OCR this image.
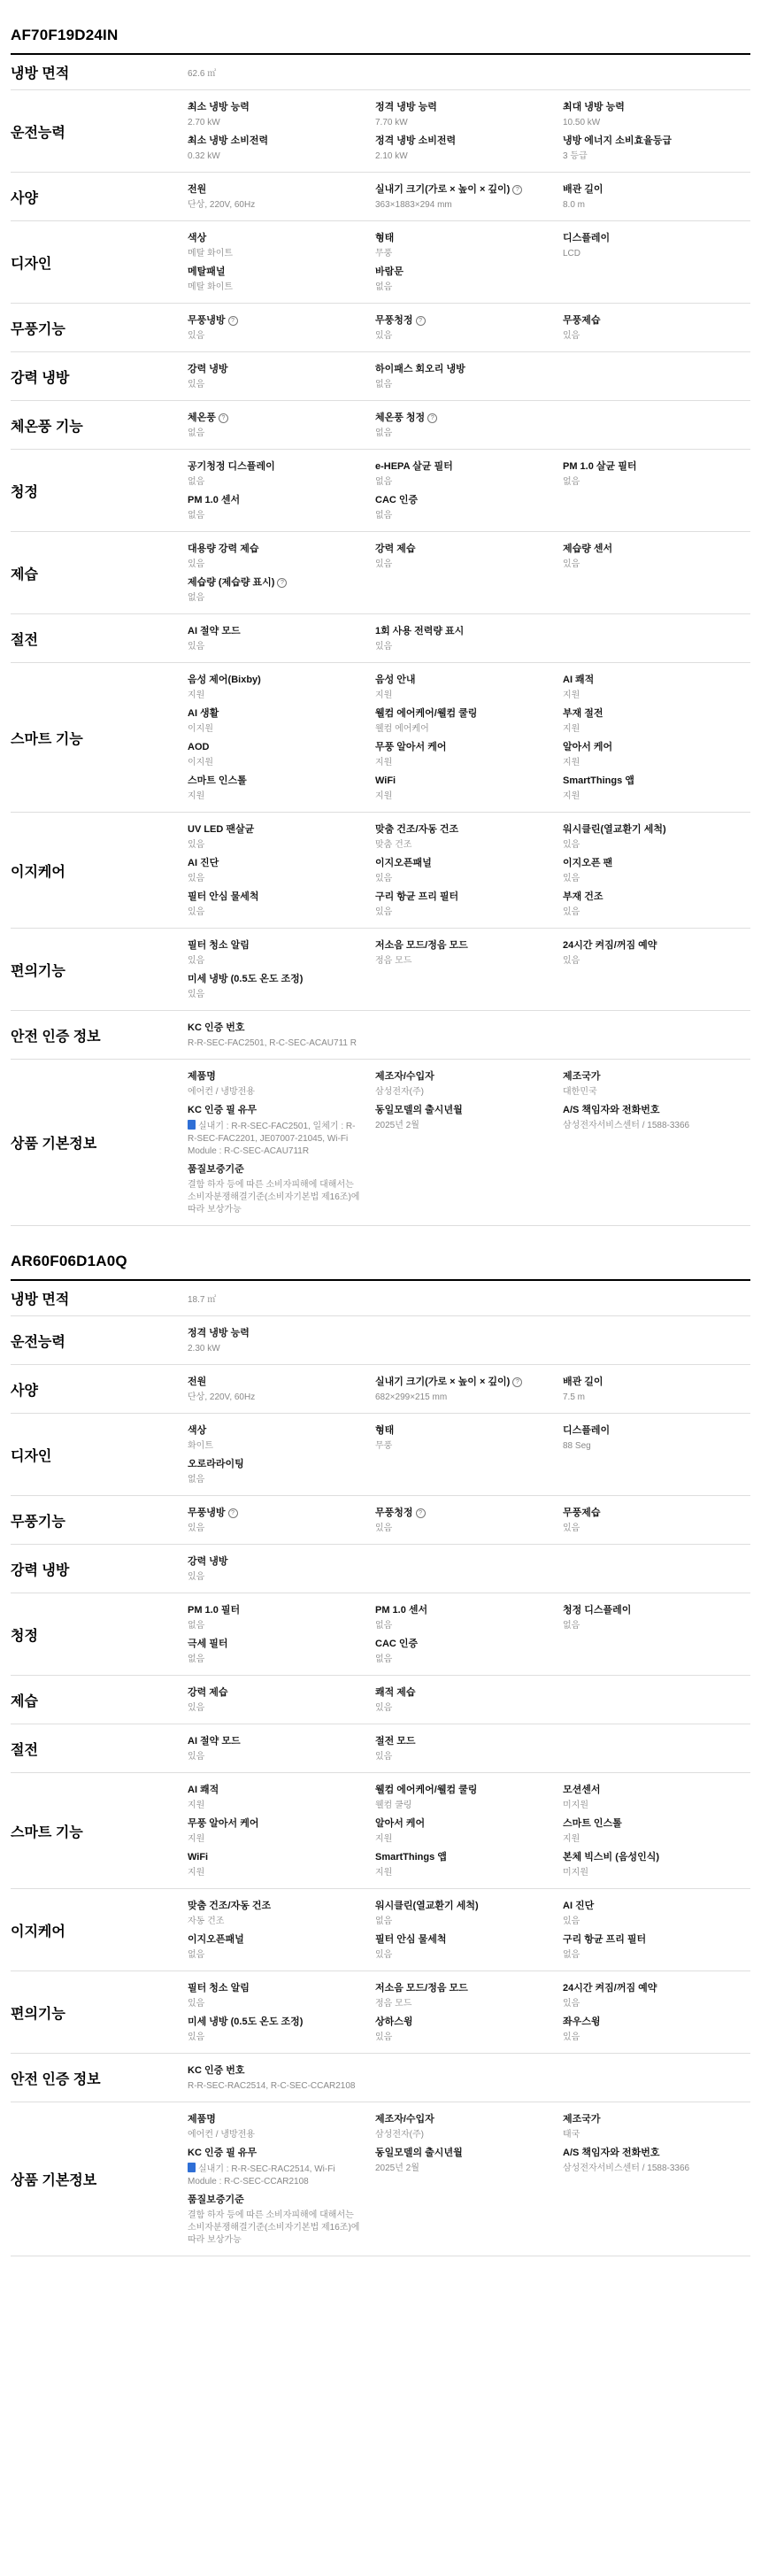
AF70F19D24IN
냉방 면적	62.6 ㎡
운전능력
최소 냉방 능력
2.70 kW
정격 냉방 능력
7.70 kW
최대 냉방 능력
10.50 kW
최소 냉방 소비전력
0.32 kW
정격 냉방 소비전력
2.10 kW
냉방 에너지 소비효율등급
3 등급
사양
전원
단상, 220V, 60Hz
실내기 크기(가로 × 높이 × 깊이) ?
363×1883×294 mm
배관 길이
8.0 m
디자인
색상
메탈 화이트
형태
무풍
디스플레이
LCD
메탈패널
메탈 화이트
바람문
없음
무풍기능
무풍냉방 ?
있음
무풍청정 ?
있음
무풍제습
있음
강력 냉방
강력 냉방
있음
하이패스 회오리 냉방
없음
체온풍 기능
체온풍 ?
없음
체온풍 청정 ?
없음
청정
공기청정 디스플레이
없음
e-HEPA 살균 필터
없음
PM 1.0 살균 필터
없음
PM 1.0 센서
없음
CAC 인증
없음
제습
대용량 강력 제습
있음
강력 제습
있음
제습량 센서
있음
제습량 (제습량 표시) ?
없음
절전
AI 절약 모드
있음
1회 사용 전력량 표시
있음
스마트 기능
음성 제어(Bixby)
지원
음성 안내
지원
AI 쾌적
지원
AI 생활
이지원
웰컴 에어케어/웰컴 쿨링
웰컴 에어케어
부재 절전
지원
AOD
이지원
무풍 알아서 케어
지원
알아서 케어
지원
스마트 인스톨
지원
WiFi
지원
SmartThings 앱
지원
이지케어
UV LED 팬살균
있음
맞춤 건조/자동 건조
맞춤 건조
워시클린(열교환기 세척)
있음
AI 진단
있음
이지오픈패널
있음
이지오픈 팬
있음
필터 안심 물세척
있음
구리 항균 프리 필터
있음
부재 건조
있음
편의기능
필터 청소 알림
있음
저소음 모드/정음 모드
정음 모드
24시간 켜짐/꺼짐 예약
있음
미세 냉방 (0.5도 온도 조정)
있음
안전 인증 정보
KC 인증 번호
R-R-SEC-FAC2501, R-C-SEC-ACAU711 R
상품 기본정보
제품명
에어컨 / 냉방전용
제조자/수입자
삼성전자(주)
제조국가
대한민국
KC 인증 필 유무
실내기 : R-R-SEC-FAC2501, 일체기 : R-R-SEC-FAC2201, JE07007-21045, Wi-Fi Module : R-C-SEC-ACAU711R
동일모델의 출시년월
2025년 2월
A/S 책임자와 전화번호
삼성전자서비스센터 / 1588-3366
품질보증기준
결함 하자 등에 따른 소비자피해에 대해서는 소비자분쟁해결기준(소비자기본법 제16조)에 따라 보상가능
AR60F06D1A0Q
냉방 면적	18.7 ㎡
운전능력
정격 냉방 능력
2.30 kW
사양
전원
단상, 220V, 60Hz
실내기 크기(가로 × 높이 × 깊이) ?
682×299×215 mm
배관 길이
7.5 m
디자인
색상
화이트
형태
무풍
디스플레이
88 Seg
오로라라이팅
없음
무풍기능
무풍냉방 ?
있음
무풍청정 ?
있음
무풍제습
있음
강력 냉방
강력 냉방
있음
청정
PM 1.0 필터
없음
PM 1.0 센서
없음
청정 디스플레이
없음
극세 필터
없음
CAC 인증
없음
제습
강력 제습
있음
쾌적 제습
있음
절전
AI 절약 모드
있음
절전 모드
있음
스마트 기능
AI 쾌적
지원
웰컴 에어케어/웰컴 쿨링
웰컴 쿨링
모션센서
미지원
무풍 알아서 케어
지원
알아서 케어
지원
스마트 인스톨
지원
WiFi
지원
SmartThings 앱
지원
본체 빅스비 (음성인식)
미지원
이지케어
맞춤 건조/자동 건조
자동 건조
워시클린(열교환기 세척)
없음
AI 진단
있음
이지오픈패널
없음
필터 안심 물세척
있음
구리 항균 프리 필터
없음
편의기능
필터 청소 알림
있음
저소음 모드/정음 모드
정음 모드
24시간 켜짐/꺼짐 예약
있음
미세 냉방 (0.5도 온도 조정)
있음
상하스윙
있음
좌우스윙
있음
안전 인증 정보
KC 인증 번호
R-R-SEC-RAC2514, R-C-SEC-CCAR2108
상품 기본정보
제품명
에어컨 / 냉방전용
제조자/수입자
삼성전자(주)
제조국가
태국
KC 인증 필 유무
실내기 : R-R-SEC-RAC2514, Wi-Fi Module : R-C-SEC-CCAR2108
동일모델의 출시년월
2025년 2월
A/S 책임자와 전화번호
삼성전자서비스센터 / 1588-3366
품질보증기준
결함 하자 등에 따른 소비자피해에 대해서는 소비자분쟁해결기준(소비자기본법 제16조)에 따라 보상가능
